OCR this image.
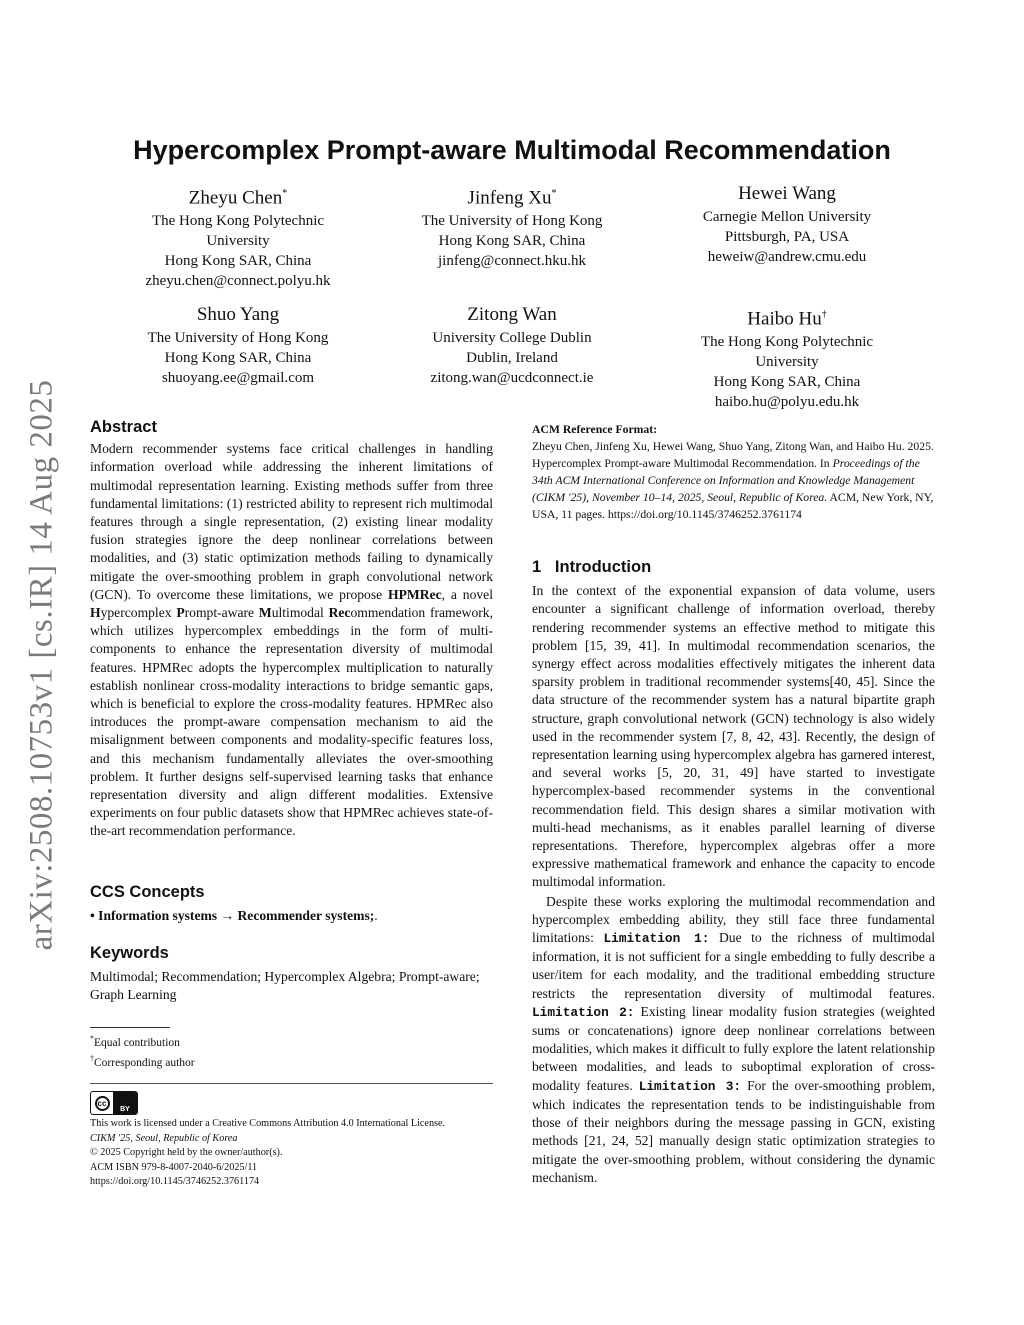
arXiv:2508.10753v1 [cs.IR] 14 Aug 2025
Hypercomplex Prompt-aware Multimodal Recommendation
Zheyu Chen*
The Hong Kong Polytechnic
University
Hong Kong SAR, China
zheyu.chen@connect.polyu.hk
Jinfeng Xu*
The University of Hong Kong
Hong Kong SAR, China
jinfeng@connect.hku.hk
Hewei Wang
Carnegie Mellon University
Pittsburgh, PA, USA
heweiw@andrew.cmu.edu
Shuo Yang
The University of Hong Kong
Hong Kong SAR, China
shuoyang.ee@gmail.com
Zitong Wan
University College Dublin
Dublin, Ireland
zitong.wan@ucdconnect.ie
Haibo Hu†
The Hong Kong Polytechnic
University
Hong Kong SAR, China
haibo.hu@polyu.edu.hk
Abstract

Modern recommender systems face critical challenges in handling information overload while addressing the inherent limitations of multimodal representation learning. Existing methods suffer from three fundamental limitations: (1) restricted ability to represent rich multimodal features through a single representation, (2) existing linear modality fusion strategies ignore the deep nonlinear correlations between modalities, and (3) static optimization methods failing to dynamically mitigate the over-smoothing problem in graph convolutional network (GCN). To overcome these limitations, we propose HPMRec, a novel Hypercomplex Prompt-aware Multimodal Recommendation framework, which utilizes hypercomplex embeddings in the form of multi-components to enhance the representation diversity of multimodal features. HPMRec adopts the hypercomplex multiplication to naturally establish nonlinear cross-modality interactions to bridge semantic gaps, which is beneficial to explore the cross-modality features. HPMRec also introduces the prompt-aware compensation mechanism to aid the misalignment between components and modality-specific features loss, and this mechanism fundamentally alleviates the over-smoothing problem. It further designs self-supervised learning tasks that enhance representation diversity and align different modalities. Extensive experiments on four public datasets show that HPMRec achieves state-of-the-art recommendation performance.

CCS Concepts

• Information systems → Recommender systems;.

Keywords

Multimodal; Recommendation; Hypercomplex Algebra; Prompt-aware; Graph Learning

*Equal contribution
†Corresponding author
cc
BY
This work is licensed under a Creative Commons Attribution 4.0 International License.
CIKM '25, Seoul, Republic of Korea
© 2025 Copyright held by the owner/author(s).
ACM ISBN 979-8-4007-2040-6/2025/11
https://doi.org/10.1145/3746252.3761174
ACM Reference Format:

Zheyu Chen, Jinfeng Xu, Hewei Wang, Shuo Yang, Zitong Wan, and Haibo Hu. 2025. Hypercomplex Prompt-aware Multimodal Recommendation. In Proceedings of the 34th ACM International Conference on Information and Knowledge Management (CIKM '25), November 10–14, 2025, Seoul, Republic of Korea. ACM, New York, NY, USA, 11 pages. https://doi.org/10.1145/3746252.3761174

1   Introduction

In the context of the exponential expansion of data volume, users encounter a significant challenge of information overload, thereby rendering recommender systems an effective method to mitigate this problem [15, 39, 41]. In multimodal recommendation scenarios, the synergy effect across modalities effectively mitigates the inherent data sparsity problem in traditional recommender systems[40, 45]. Since the data structure of the recommender system has a natural bipartite graph structure, graph convolutional network (GCN) technology is also widely used in the recommender system [7, 8, 42, 43]. Recently, the design of representation learning using hypercomplex algebra has garnered interest, and several works [5, 20, 31, 49] have started to investigate hypercomplex-based recommender systems in the conventional recommendation field. This design shares a similar motivation with multi-head mechanisms, as it enables parallel learning of diverse representations. Therefore, hypercomplex algebras offer a more expressive mathematical framework and enhance the capacity to encode multimodal information.

Despite these works exploring the multimodal recommendation and hypercomplex embedding ability, they still face three fundamental limitations: Limitation 1: Due to the richness of multimodal information, it is not sufficient for a single embedding to fully describe a user/item for each modality, and the traditional embedding structure restricts the representation diversity of multimodal features. Limitation 2: Existing linear modality fusion strategies (weighted sums or concatenations) ignore deep nonlinear correlations between modalities, which makes it difficult to fully explore the latent relationship between modalities, and leads to suboptimal exploration of cross-modality features. Limitation 3: For the over-smoothing problem, which indicates the representation tends to be indistinguishable from those of their neighbors during the message passing in GCN, existing methods [21, 24, 52] manually design static optimization strategies to mitigate the over-smoothing problem, without considering the dynamic mechanism.
